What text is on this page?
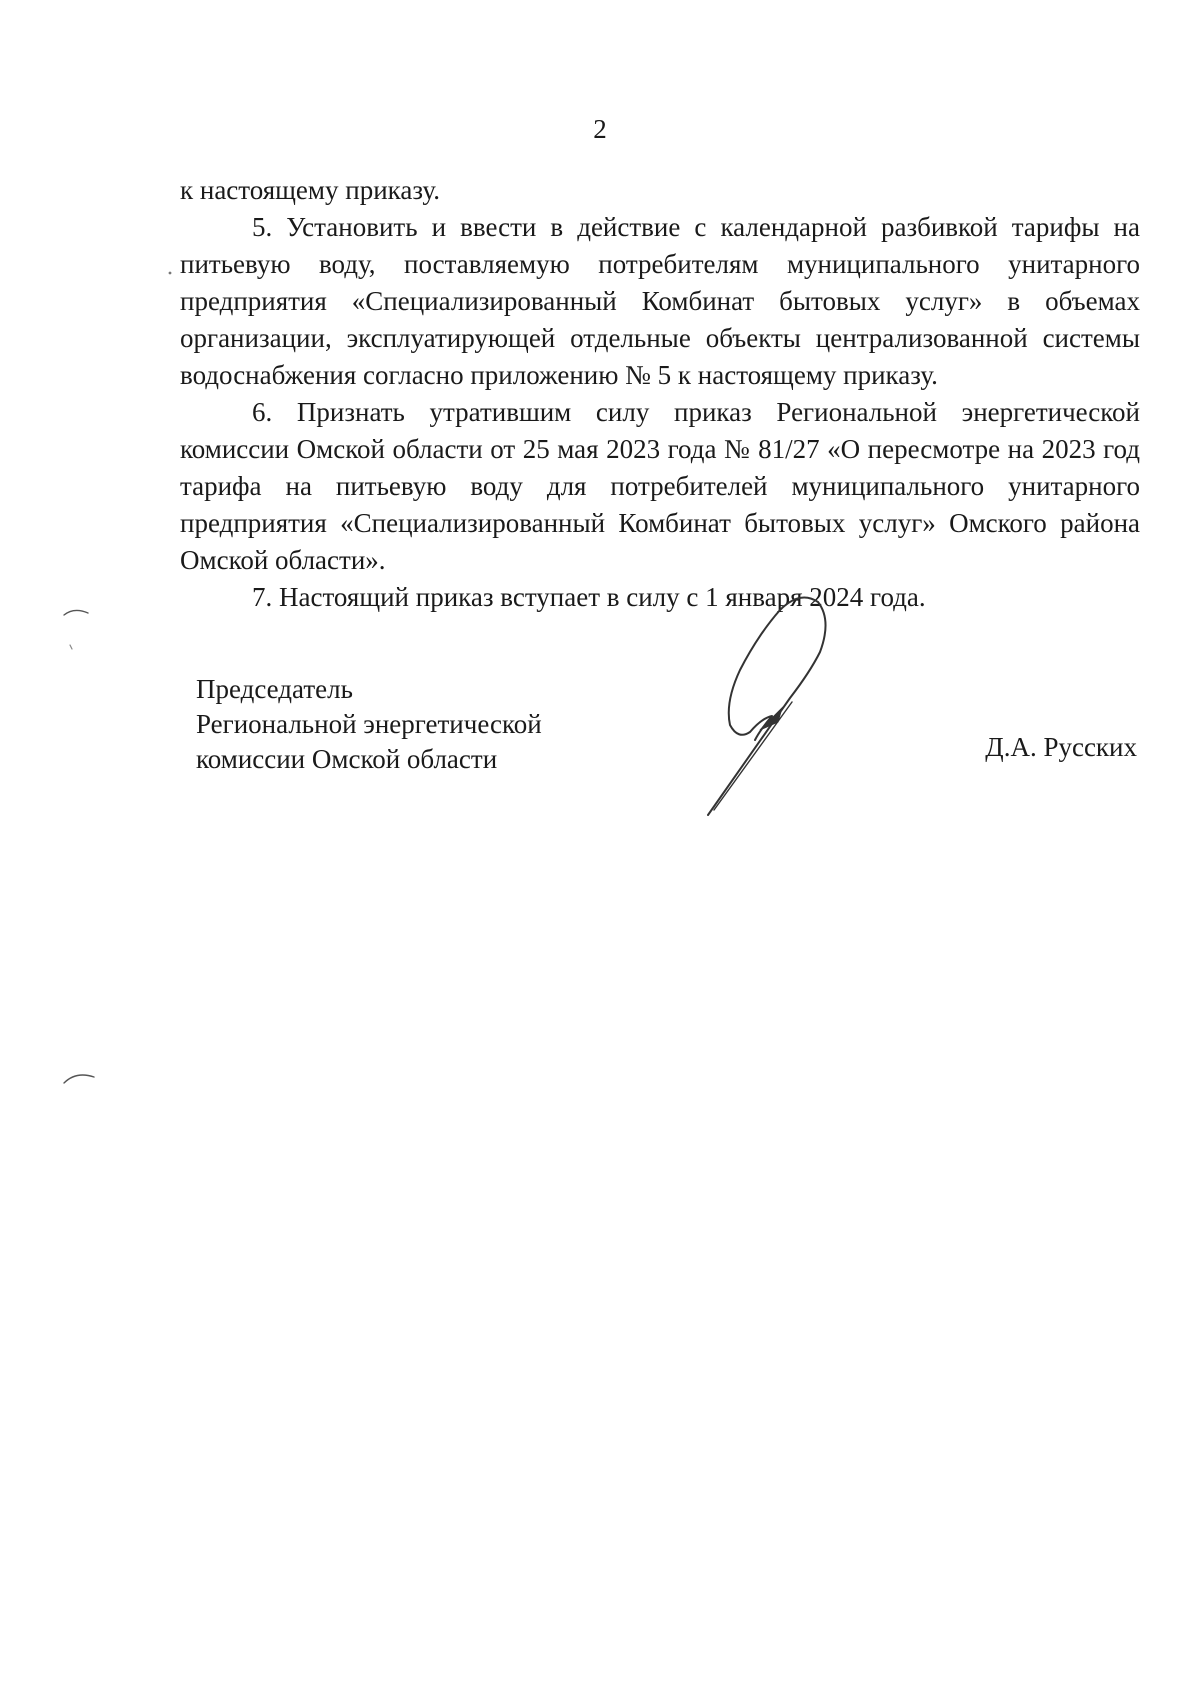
2

к настоящему приказу.

5. Установить и ввести в действие с календарной разбивкой тарифы на питьевую воду, поставляемую потребителям муниципального унитарного предприятия «Специализированный Комбинат бытовых услуг» в объемах организации, эксплуатирующей отдельные объекты централизованной системы водоснабжения согласно приложению № 5 к настоящему приказу.

6. Признать утратившим силу приказ Региональной энергетической комиссии Омской области от 25 мая 2023 года № 81/27 «О пересмотре на 2023 год тарифа на питьевую воду для потребителей муниципального унитарного предприятия «Специализированный Комбинат бытовых услуг» Омского района Омской области».

7. Настоящий приказ вступает в силу с 1 января 2024 года.

Председатель
Региональной энергетической
комиссии Омской области	Д.А. Русских
